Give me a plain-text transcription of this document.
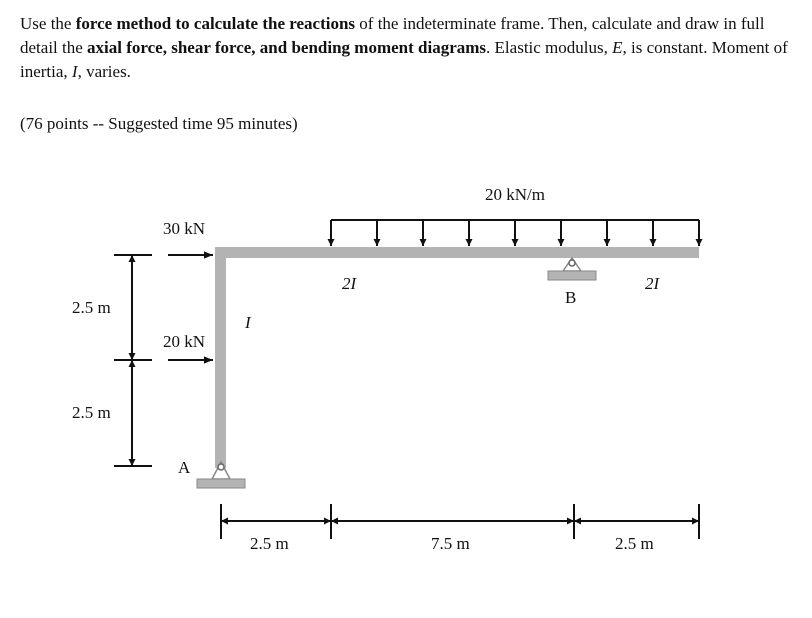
Use the force method to calculate the reactions of the indeterminate frame. Then, calculate and draw in full detail the axial force, shear force, and bending moment diagrams. Elastic modulus, E, is constant. Moment of inertia, I, varies.

(76 points -- Suggested time 95 minutes)
20 kN/m
30 kN
20 kN
2.5 m
2.5 m
I
2I	2I
A
B
2.5 m	7.5 m	2.5 m
